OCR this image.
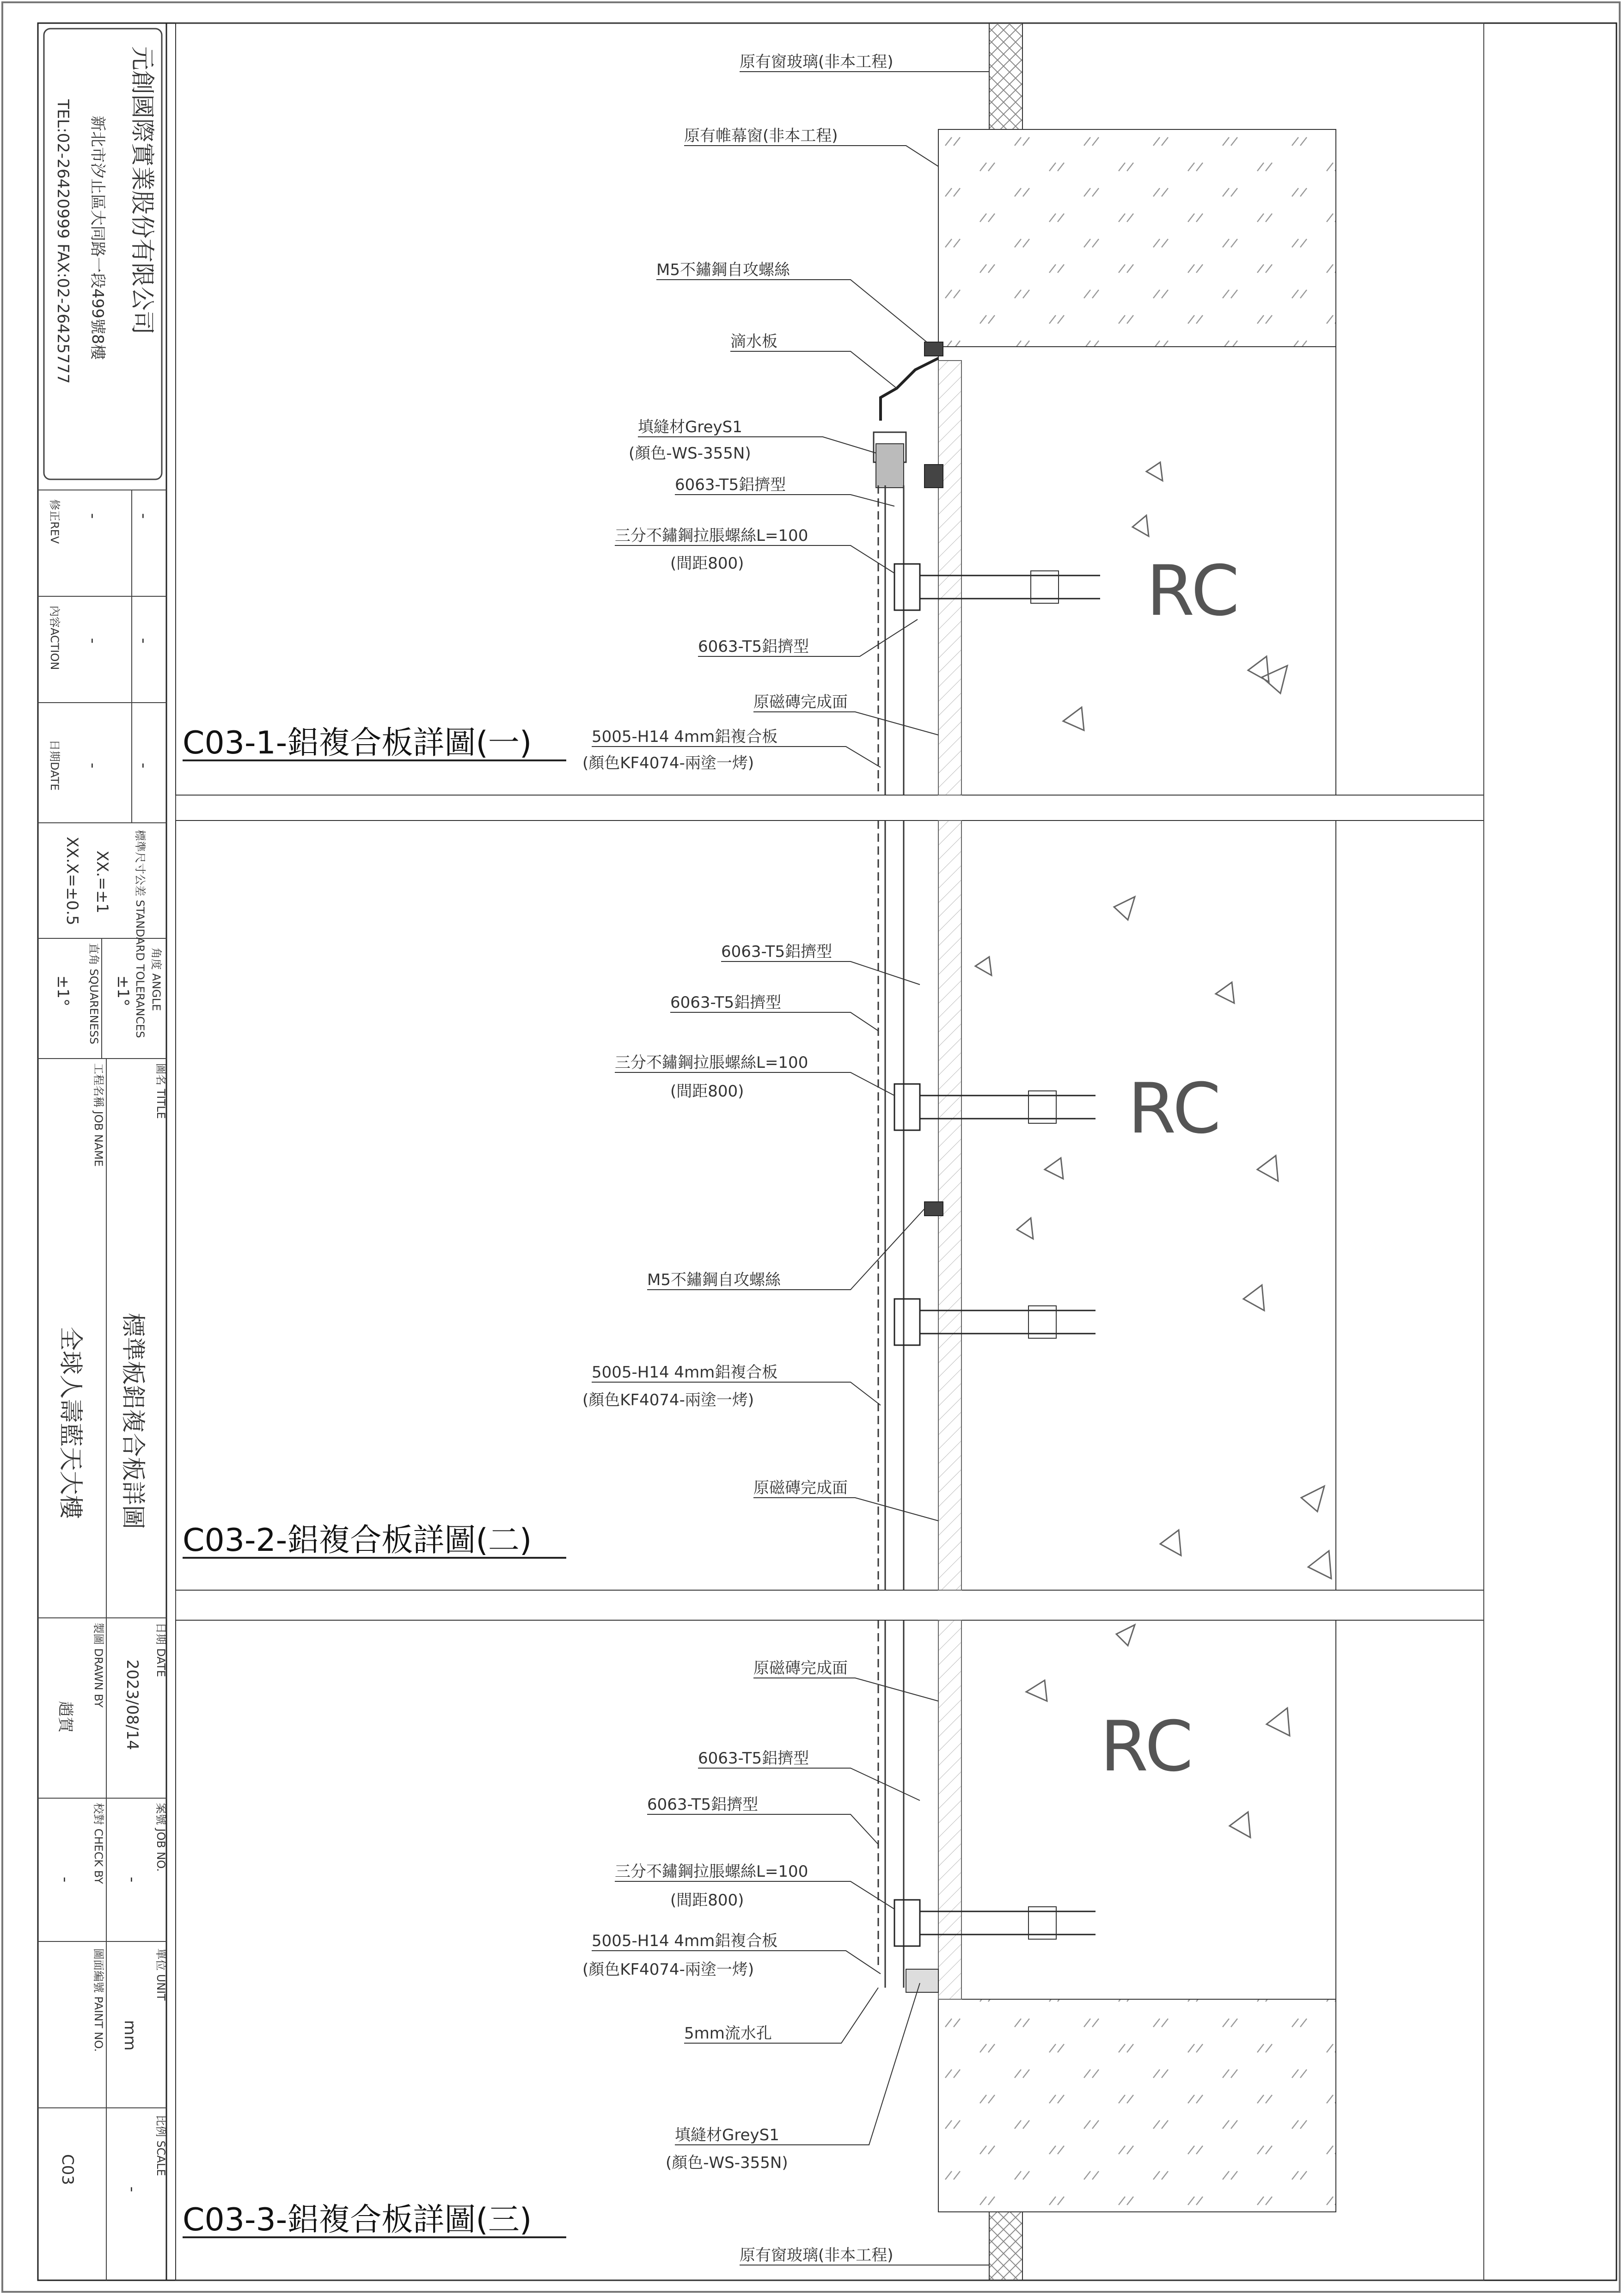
元創國際實業股份有限公司
新北市汐止區大同路一段499號8樓
TEL:02-26420999 FAX:02-26425777
修正REV - -
內容ACTION - -
日期DATE - -
標準尺寸公差 STANDARD TOLERANCES
XX.=±1
XX.X=±0.5
角度 ANGLE
±1°
直角 SQUARENESS
±1°
圖名 TITLE
標準板鋁複合板詳圖
工程名稱 JOB NAME
全球人壽藍天大樓
日期 DATE
2023/08/14
製圖 DRAWN BY
趙賀
案號 JOB NO.
-
校對 CHECK BY
-
單位 UNIT
mm
圖面編號 PAINT NO.
C03	比例 SCALE
-
RC
C03-1-鋁複合板詳圖(一)
原有窗玻璃(非本工程)
原有帷幕窗(非本工程)
M5不鏽鋼自攻螺絲
滴水板
填縫材GreyS1
(顏色-WS-355N)
6063-T5鋁擠型
三分不鏽鋼拉脹螺絲L=100
(間距800)
6063-T5鋁擠型
原磁磚完成面
5005-H14 4mm鋁複合板
(顏色KF4074-兩塗一烤)
RC
C03-2-鋁複合板詳圖(二)
6063-T5鋁擠型
6063-T5鋁擠型
三分不鏽鋼拉脹螺絲L=100
(間距800)
M5不鏽鋼自攻螺絲
5005-H14 4mm鋁複合板
(顏色KF4074-兩塗一烤)
原磁磚完成面
RC
C03-3-鋁複合板詳圖(三)
原磁磚完成面
6063-T5鋁擠型
6063-T5鋁擠型
三分不鏽鋼拉脹螺絲L=100
(間距800)
5005-H14 4mm鋁複合板
(顏色KF4074-兩塗一烤)
5mm流水孔
填縫材GreyS1
(顏色-WS-355N)
原有窗玻璃(非本工程)
